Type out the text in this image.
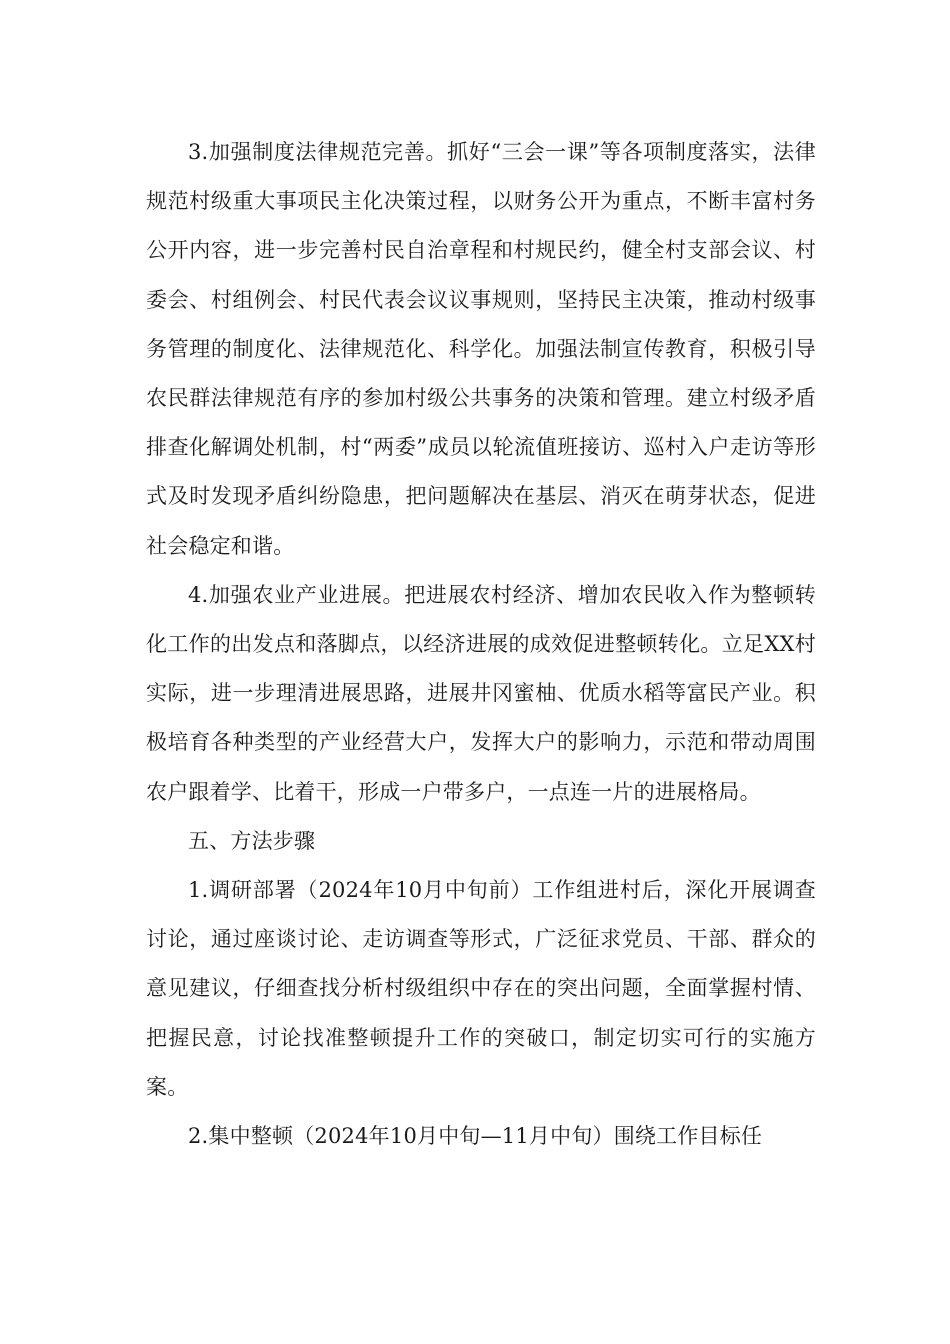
3.加强制度法律规范完善。抓好“三会一课”等各项制度落实，法律规范村级重大事项民主化决策过程，以财务公开为重点，不断丰富村务公开内容，进一步完善村民自治章程和村规民约，健全村支部会议、村委会、村组例会、村民代表会议议事规则，坚持民主决策，推动村级事务管理的制度化、法律规范化、科学化。加强法制宣传教育，积极引导农民群法律规范有序的参加村级公共事务的决策和管理。建立村级矛盾排查化解调处机制，村“两委”成员以轮流值班接访、巡村入户走访等形式及时发现矛盾纠纷隐患，把问题解决在基层、消灭在萌芽状态，促进社会稳定和谐。

4.加强农业产业进展。把进展农村经济、增加农民收入作为整顿转化工作的出发点和落脚点，以经济进展的成效促进整顿转化。立足XX村实际，进一步理清进展思路，进展井冈蜜柚、优质水稻等富民产业。积极培育各种类型的产业经营大户，发挥大户的影响力，示范和带动周围农户跟着学、比着干，形成一户带多户，一点连一片的进展格局。

五、方法步骤

1.调研部署（2024年10月中旬前）工作组进村后，深化开展调查讨论，通过座谈讨论、走访调查等形式，广泛征求党员、干部、群众的意见建议，仔细查找分析村级组织中存在的突出问题，全面掌握村情、把握民意，讨论找准整顿提升工作的突破口，制定切实可行的实施方案。

2.集中整顿（2024年10月中旬—11月中旬）围绕工作目标任
